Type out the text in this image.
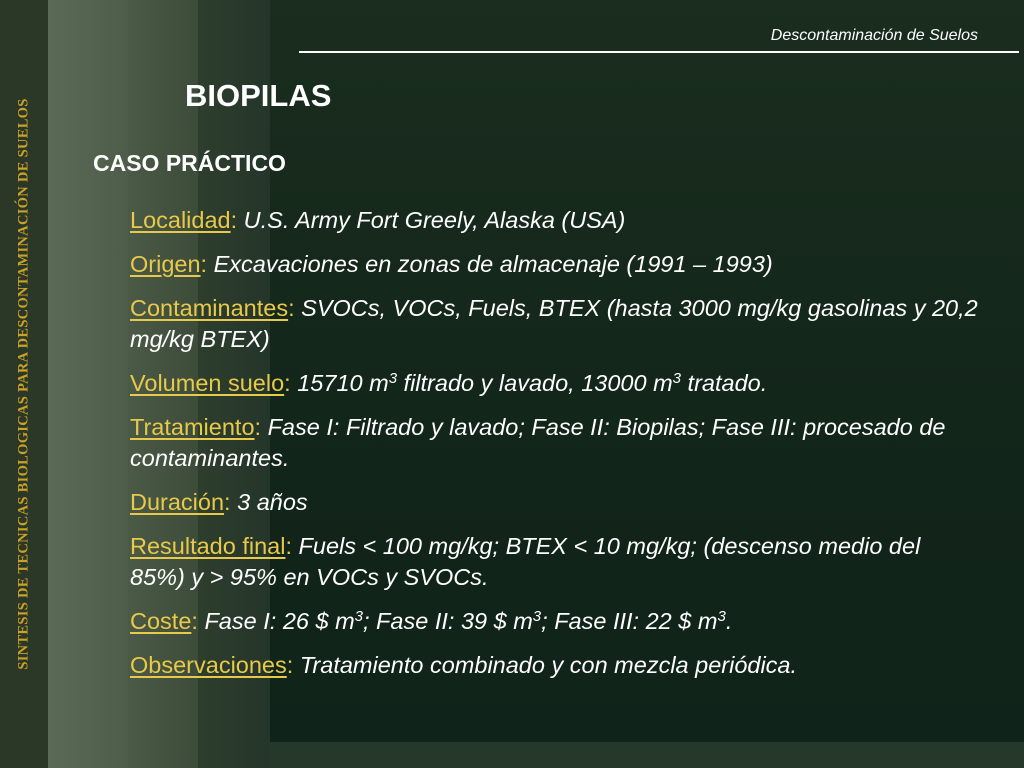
SINTESIS DE TECNICAS BIOLOGICAS PARA DESCONTAMINACIÓN DE SUELOS
Descontaminación de Suelos
BIOPILAS
CASO PRÁCTICO
Localidad: U.S. Army Fort Greely, Alaska (USA)
Origen: Excavaciones en zonas de almacenaje (1991 – 1993)
Contaminantes: SVOCs, VOCs, Fuels, BTEX (hasta 3000 mg/kg gasolinas y 20,2 mg/kg BTEX)
Volumen suelo: 15710 $m^3$ filtrado y lavado, 13000 $m^3$ tratado.
Tratamiento: Fase I: Filtrado y lavado; Fase II: Biopilas; Fase III: procesado de contaminantes.
Duración: 3 años
Resultado final: Fuels < 100 mg/kg; BTEX < 10 mg/kg; (descenso medio del 85%) y > 95% en VOCs y SVOCs.
Coste: Fase I: 26 $ $m^3$; Fase II: 39 $ $m^3$; Fase III: 22 $ $m^3$.
Observaciones: Tratamiento combinado y con mezcla periódica.
